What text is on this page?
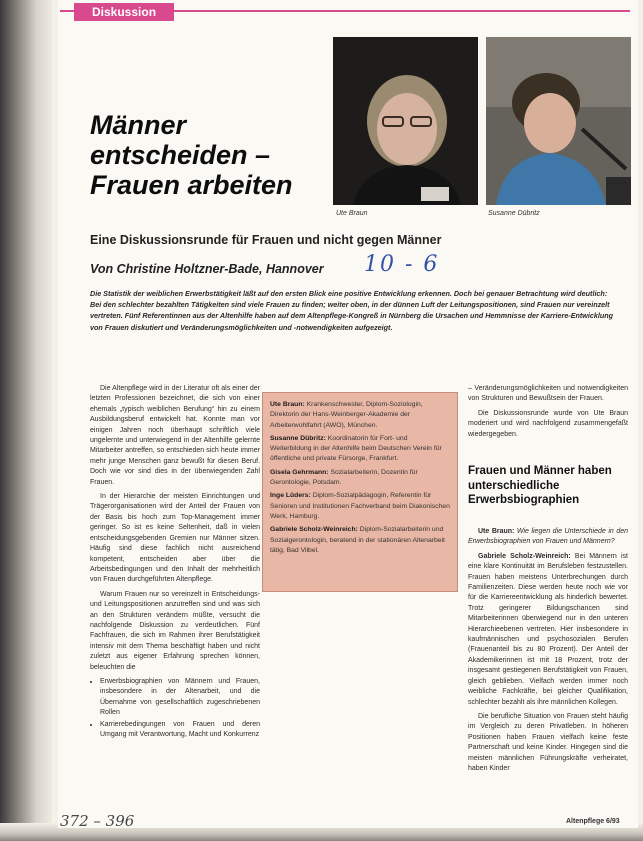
Diskussion
Männer
entscheiden –
Frauen arbeiten
Ute Braun	Susanne Dübritz
Eine Diskussionsrunde für Frauen und nicht gegen Männer
Von Christine Holtzner-Bade, Hannover 10 - 6
Die Statistik der weiblichen Erwerbstätigkeit läßt auf den ersten Blick eine positive Entwicklung erkennen. Doch bei genauer Betrachtung wird deutlich: Bei den schlechter bezahlten Tätigkeiten sind viele Frauen zu finden; weiter oben, in der dünnen Luft der Leitungspositionen, sind Frauen nur vereinzelt vertreten. Fünf Referentinnen aus der Altenhilfe haben auf dem Altenpflege-Kongreß in Nürnberg die Ursachen und Hemmnisse der Karriere-Entwicklung von Frauen diskutiert und Veränderungsmöglichkeiten und -notwendigkeiten aufgezeigt.

Die Altenpflege wird in der Literatur oft als einer der letzten Professionen bezeichnet, die sich von einer ehemals „typisch weiblichen Berufung“ hin zu einem Ausbildungsberuf entwickelt hat. Konnte man vor einigen Jahren noch überhaupt schriftlich viele ungelernte und unterwiegend in der Altenhilfe gelernte Mitarbeiter antreffen, so entschieden sich heute immer mehr junge Menschen ganz bewußt für diesen Beruf. Doch wie vor sind dies in der überwiegenden Zahl Frauen.

In der Hierarchie der meisten Einrichtungen und Trägerorganisationen wird der Anteil der Frauen von der Basis bis hoch zum Top-Management immer geringer. So ist es keine Seltenheit, daß in vielen entscheidungsgebenden Gremien nur Männer sitzen. Häufig sind diese fachlich nicht ausreichend kompetent, entscheiden aber über die Arbeitsbedingungen und den Inhalt der mehrheitlich von Frauen durchgeführten Altenpflege.

Warum Frauen nur so vereinzelt in Entscheidungs- und Leitungspositionen anzutreffen sind und was sich an den Strukturen verändern müßte, versucht die nachfolgende Diskussion zu verdeutlichen. Fünf Fachfrauen, die sich im Rahmen ihrer Berufstätigkeit intensiv mit dem Thema beschäftigt haben und nicht zuletzt aus eigener Erfahrung sprechen können, beleuchten die

• Erwerbsbiographien von Männern und Frauen, insbesondere in der Altenarbeit, und die Übernahme von gesellschaftlich zugeschriebenen Rollen
• Karrierebedingungen von Frauen und deren Umgang mit Verantwortung, Macht und Konkurrenz

Ute Braun: Krankenschwester, Diplom-Soziologin, Direktorin der Hans-Weinberger-Akademie der Arbeiterwohlfahrt (AWO), München.

Susanne Dübritz: Koordinatorin für Fort- und Weiterbildung in der Altenhilfe beim Deutschen Verein für öffentliche und private Fürsorge, Frankfurt.

Gisela Gehrmann: Sozialarbeiterin, Dozentin für Gerontologie, Potsdam.

Inge Lüders: Diplom-Sozialpädagogin, Referentin für Senioren und Institutionen Fachverband beim Diakonischen Werk, Hamburg.

Gabriele Scholz-Weinreich: Diplom-Sozialarbeiterin und Sozialgerontologin, beratend in der stationären Altenarbeit tätig, Bad Vilbel.

– Veränderungsmöglichkeiten und notwendigkeiten von Strukturen und Bewußtsein der Frauen.

Die Diskussionsrunde wurde von Ute Braun moderiert und wird nachfolgend zusammengefaßt wiedergegeben.

Frauen und Männer haben unterschiedliche Erwerbsbiographien

Ute Braun: Wie liegen die Unterschiede in den Erwerbsbiographien von Frauen und Männern?

Gabriele Scholz-Weinreich: Bei Männern ist eine klare Kontinuität im Berufsleben festzustellen. Frauen haben meistens Unterbrechungen durch Familienzeiten. Diese werden heute noch wie vor für die Karriereentwicklung als hinderlich bewertet. Trotz geringerer Bildungschancen sind Mitarbeiterinnen überwiegend nur in den unteren Hierarchieebenen vertreten. Hier insbesondere in kaufmännischen und psychosozialen Berufen (Frauenanteil bis zu 80 Prozent). Der Anteil der Akademikerinnen ist mit 18 Prozent, trotz der insgesamt gestiegenen Berufstätigkeit von Frauen, gleich geblieben. Vielfach werden immer noch weibliche Fachkräfte, bei gleicher Qualifikation, schlechter bezahlt als ihre männlichen Kollegen.

Die berufliche Situation von Frauen steht häufig im Vergleich zu deren Privatleben. In höheren Positionen haben Frauen vielfach keine feste Partnerschaft und keine Kinder. Hingegen sind die meisten männlichen Führungskräfte verheiratet, haben Kinder

372 – 396	Altenpflege 6/93
